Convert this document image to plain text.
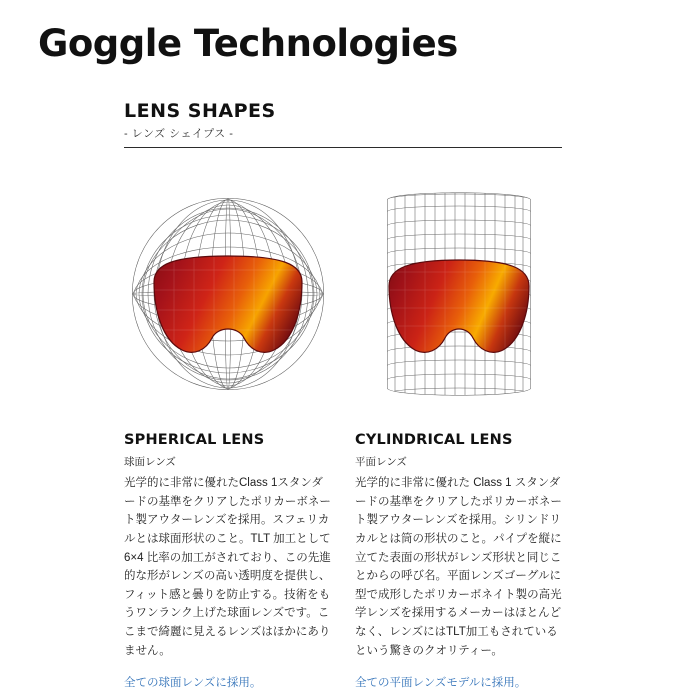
Goggle Technologies
LENS SHAPES
- レンズ シェイプス -
SPHERICAL LENS
球面レンズ
光学的に非常に優れたClass 1スタンダードの基準をクリアしたポリカーボネート製アウターレンズを採用。スフェリカルとは球面形状のこと。TLT 加工として6×4 比率の加工がされており、この先進的な形がレンズの高い透明度を提供し、フィット感と曇りを防止する。技術をもうワンランク上げた球面レンズです。ここまで綺麗に見えるレンズはほかにありません。
全ての球面レンズに採用。
CYLINDRICAL LENS
平面レンズ
光学的に非常に優れた Class 1 スタンダードの基準をクリアしたポリカーボネート製アウターレンズを採用。シリンドリカルとは筒の形状のこと。パイプを縦に立てた表面の形状がレンズ形状と同じことからの呼び名。平面レンズゴーグルに型で成形したポリカーボネイト製の高光学レンズを採用するメーカーはほとんどなく、レンズにはTLT加工もされているという驚きのクオリティー。
全ての平面レンズモデルに採用。
